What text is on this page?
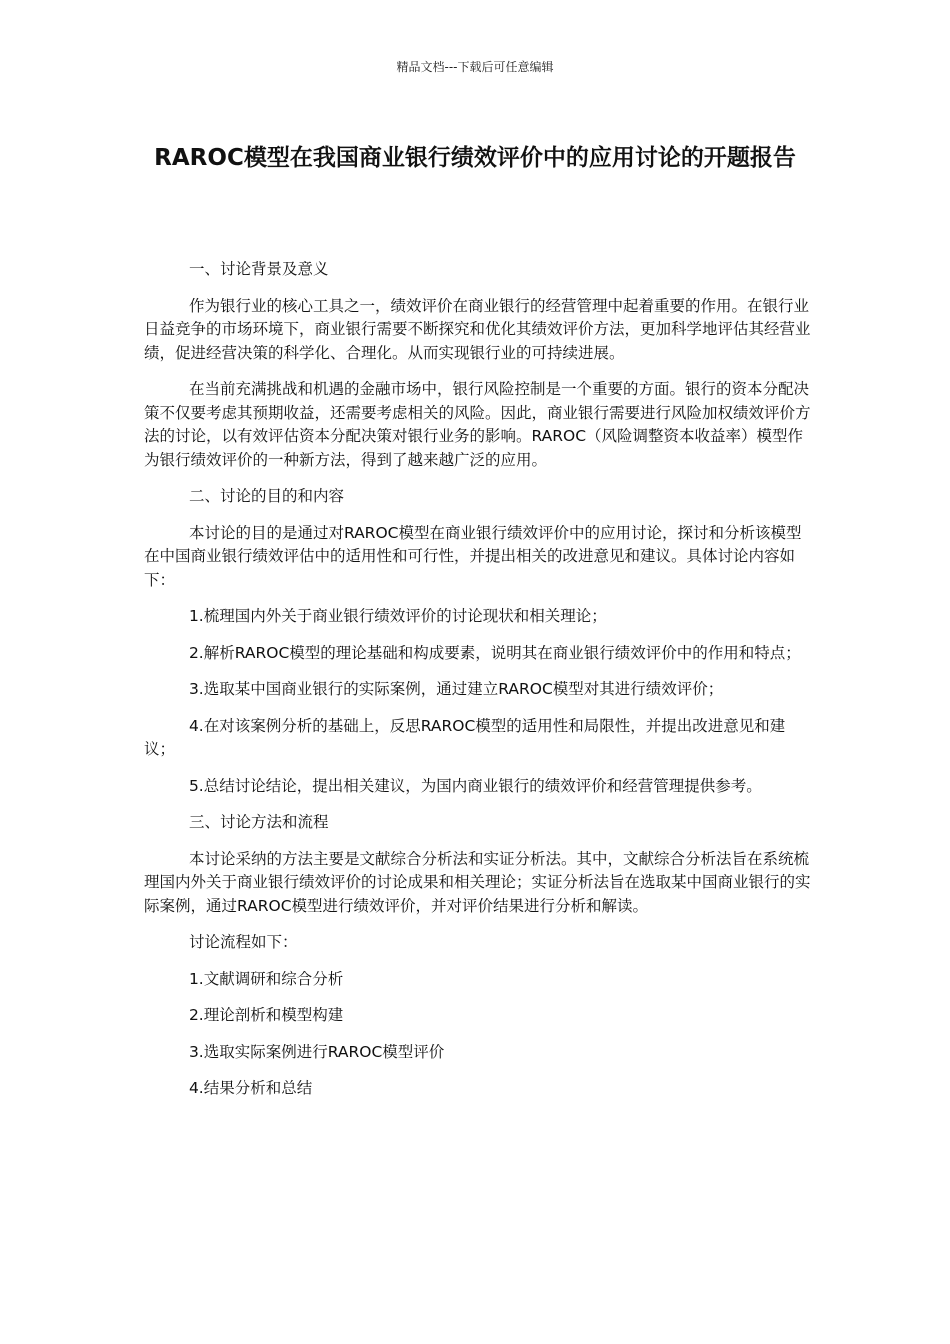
精品文档---下载后可任意编辑
RAROC模型在我国商业银行绩效评价中的应用讨论的开题报告

一、讨论背景及意义

作为银行业的核心工具之一，绩效评价在商业银行的经营管理中起着重要的作用。在银行业日益竞争的市场环境下，商业银行需要不断探究和优化其绩效评价方法，更加科学地评估其经营业绩，促进经营决策的科学化、合理化。从而实现银行业的可持续进展。

在当前充满挑战和机遇的金融市场中，银行风险控制是一个重要的方面。银行的资本分配决策不仅要考虑其预期收益，还需要考虑相关的风险。因此，商业银行需要进行风险加权绩效评价方法的讨论，以有效评估资本分配决策对银行业务的影响。RAROC（风险调整资本收益率）模型作为银行绩效评价的一种新方法，得到了越来越广泛的应用。

二、讨论的目的和内容

本讨论的目的是通过对RAROC模型在商业银行绩效评价中的应用讨论，探讨和分析该模型在中国商业银行绩效评估中的适用性和可行性，并提出相关的改进意见和建议。具体讨论内容如下：

1.梳理国内外关于商业银行绩效评价的讨论现状和相关理论；

2.解析RAROC模型的理论基础和构成要素，说明其在商业银行绩效评价中的作用和特点；

3.选取某中国商业银行的实际案例，通过建立RAROC模型对其进行绩效评价；

4.在对该案例分析的基础上，反思RAROC模型的适用性和局限性，并提出改进意见和建议；

5.总结讨论结论，提出相关建议，为国内商业银行的绩效评价和经营管理提供参考。

三、讨论方法和流程

本讨论采纳的方法主要是文献综合分析法和实证分析法。其中，文献综合分析法旨在系统梳理国内外关于商业银行绩效评价的讨论成果和相关理论；实证分析法旨在选取某中国商业银行的实际案例，通过RAROC模型进行绩效评价，并对评价结果进行分析和解读。

讨论流程如下：

1.文献调研和综合分析

2.理论剖析和模型构建

3.选取实际案例进行RAROC模型评价

4.结果分析和总结
